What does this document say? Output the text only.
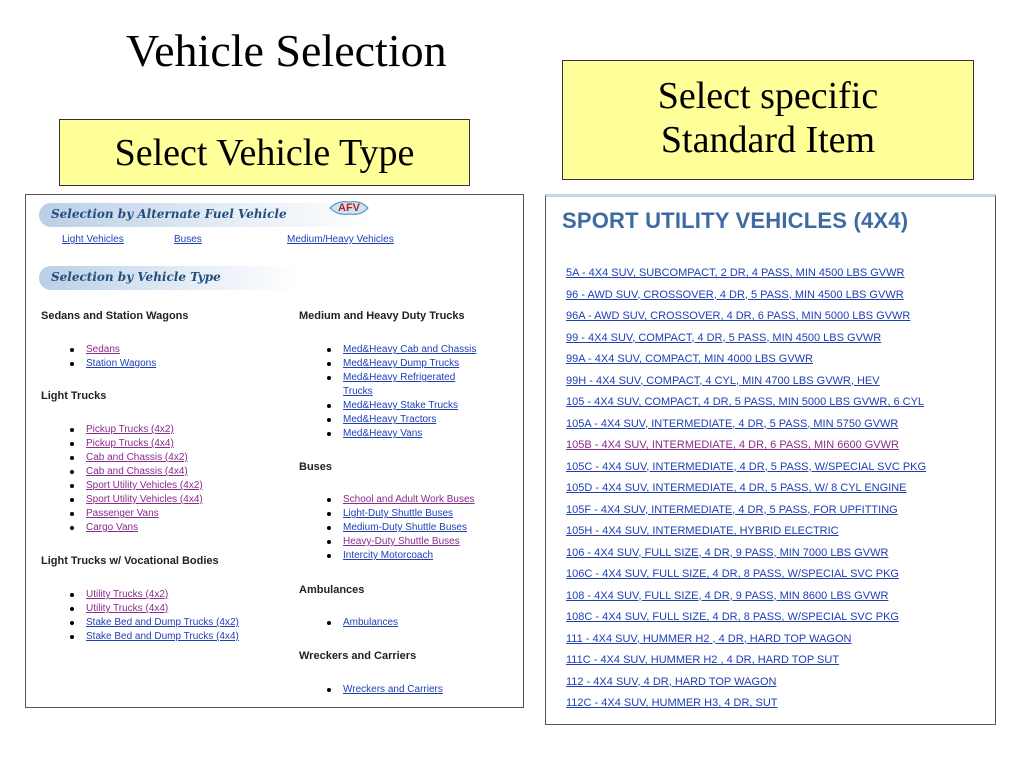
Vehicle Selection
Select Vehicle Type
Select specific
Standard Item
Selection by Alternate Fuel Vehicle	AFV
Light Vehicles	Buses	Medium/Heavy Vehicles
Selection by Vehicle Type
Sedans and Station Wagons
Sedans
Station Wagons
Light Trucks
Pickup Trucks (4x2)
Pickup Trucks (4x4)
Cab and Chassis (4x2)
Cab and Chassis (4x4)
Sport Utility Vehicles (4x2)
Sport Utility Vehicles (4x4)
Passenger Vans
Cargo Vans
Light Trucks w/ Vocational Bodies
Utility Trucks (4x2)
Utility Trucks (4x4)
Stake Bed and Dump Trucks (4x2)
Stake Bed and Dump Trucks (4x4)
Medium and Heavy Duty Trucks
Med&Heavy Cab and Chassis
Med&Heavy Dump Trucks
Med&Heavy Refrigerated Trucks
Med&Heavy Stake Trucks
Med&Heavy Tractors
Med&Heavy Vans
Buses
School and Adult Work Buses
Light-Duty Shuttle Buses
Medium-Duty Shuttle Buses
Heavy-Duty Shuttle Buses
Intercity Motorcoach
Ambulances
Ambulances
Wreckers and Carriers
Wreckers and Carriers
SPORT UTILITY VEHICLES (4X4)
5A - 4X4 SUV, SUBCOMPACT, 2 DR, 4 PASS, MIN 4500 LBS GVWR
96 - AWD SUV, CROSSOVER, 4 DR, 5 PASS, MIN 4500 LBS GVWR
96A - AWD SUV, CROSSOVER, 4 DR, 6 PASS, MIN 5000 LBS GVWR
99 - 4X4 SUV, COMPACT, 4 DR, 5 PASS, MIN 4500 LBS GVWR
99A - 4X4 SUV, COMPACT, MIN 4000 LBS GVWR
99H - 4X4 SUV, COMPACT, 4 CYL, MIN 4700 LBS GVWR, HEV
105 - 4X4 SUV, COMPACT, 4 DR, 5 PASS, MIN 5000 LBS GVWR, 6 CYL
105A - 4X4 SUV, INTERMEDIATE, 4 DR, 5 PASS, MIN 5750 GVWR
105B - 4X4 SUV, INTERMEDIATE, 4 DR, 6 PASS, MIN 6600 GVWR
105C - 4X4 SUV, INTERMEDIATE, 4 DR, 5 PASS, W/SPECIAL SVC PKG
105D - 4X4 SUV, INTERMEDIATE, 4 DR, 5 PASS, W/ 8 CYL ENGINE
105F - 4X4 SUV, INTERMEDIATE, 4 DR, 5 PASS, FOR UPFITTING
105H - 4X4 SUV, INTERMEDIATE, HYBRID ELECTRIC
106 - 4X4 SUV, FULL SIZE, 4 DR, 9 PASS, MIN 7000 LBS GVWR
106C - 4X4 SUV, FULL SIZE, 4 DR, 8 PASS, W/SPECIAL SVC PKG
108 - 4X4 SUV, FULL SIZE, 4 DR, 9 PASS, MIN 8600 LBS GVWR
108C - 4X4 SUV, FULL SIZE, 4 DR, 8 PASS, W/SPECIAL SVC PKG
111 - 4X4 SUV, HUMMER H2 , 4 DR, HARD TOP WAGON
111C - 4X4 SUV, HUMMER H2 , 4 DR, HARD TOP SUT
112 - 4X4 SUV, 4 DR, HARD TOP WAGON
112C - 4X4 SUV, HUMMER H3, 4 DR, SUT
